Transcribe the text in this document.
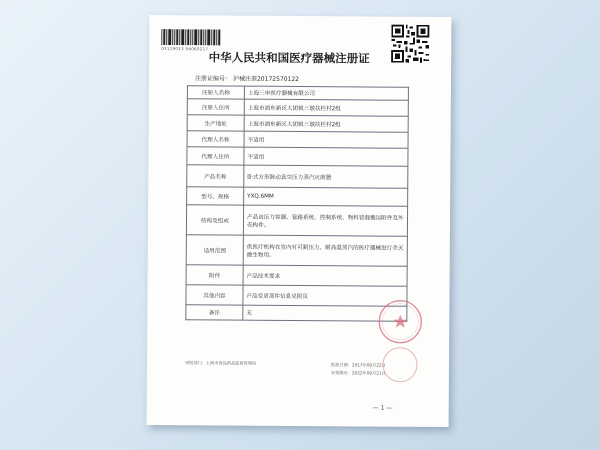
03119013 94060217
中华人民共和国医疗器械注册证
注册证编号： 沪械注准20172570122
注册人名称	上海三申医疗器械有限公司
注册人住所	上海市浦东新区大团镇三墩扶栏村2组
生产地址	上海市浦东新区大团镇三墩扶栏村2组
代理人名称	不适用
代理人住所	不适用
产品名称	卧式方形脉动真空压力蒸汽灭菌器
型号、规格	YXQ.6MM
结构及组成	产品由压力容器、管路系统、控制系统、物料装载搬运附件及外壳构件。
适用范围	供医疗机构在室内对可耐压力、耐高温蒸汽的医疗器械进行杀灭微生物用。
附件	产品技术要求
其他内容	产品变更部件信息见附页
备注	无
审批部门：上海市食品药品监督管理局	批准日期：2017年09月22日
有效期至：2022年09月21日
— 1 —
